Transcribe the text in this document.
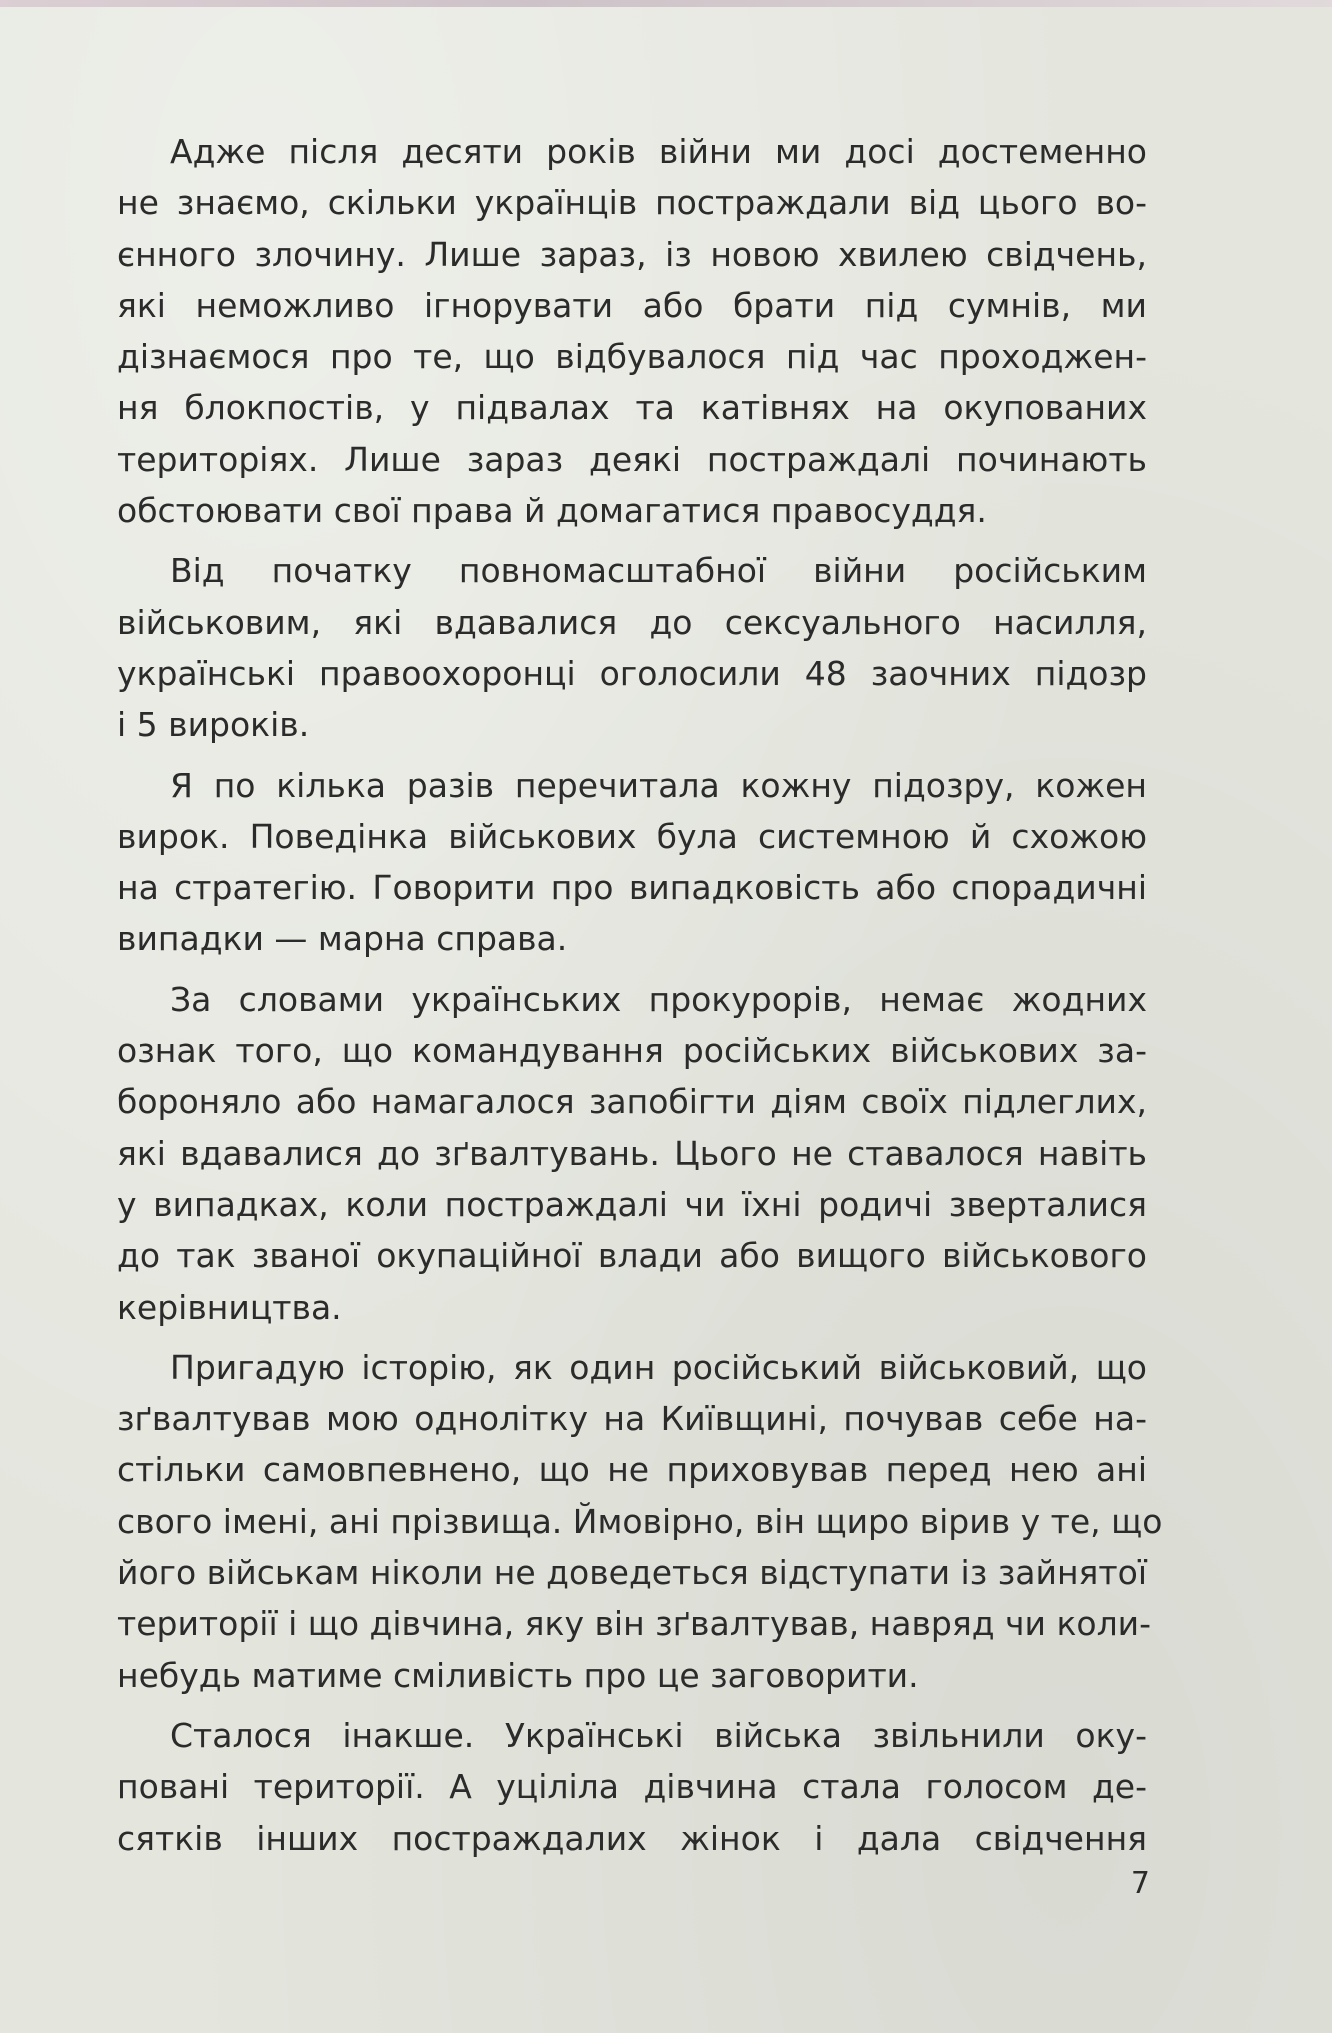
Адже після десяти років війни ми досі достеменно
не знаємо, скільки українців постраждали від цього во-
єнного злочину. Лише зараз, із новою хвилею свідчень,
які неможливо ігнорувати або брати під сумнів, ми
дізнаємося про те, що відбувалося під час проходжен-
ня блокпостів, у підвалах та катівнях на окупованих
територіях. Лише зараз деякі постраждалі починають
обстоювати свої права й домагатися правосуддя.
Від початку повномасштабної війни російським
військовим, які вдавалися до сексуального насилля,
українські правоохоронці оголосили 48 заочних підозр
і 5 вироків.
Я по кілька разів перечитала кожну підозру, кожен
вирок. Поведінка військових була системною й схожою
на стратегію. Говорити про випадковість або спорадичні
випадки — марна справа.
За словами українських прокурорів, немає жодних
ознак того, що командування російських військових за-
бороняло або намагалося запобігти діям своїх підлеглих,
які вдавалися до зґвалтувань. Цього не ставалося навіть
у випадках, коли постраждалі чи їхні родичі зверталися
до так званої окупаційної влади або вищого військового
керівництва.
Пригадую історію, як один російський військовий, що
зґвалтував мою однолітку на Київщині, почував себе на-
стільки самовпевнено, що не приховував перед нею ані
свого імені, ані прізвища. Ймовірно, він щиро вірив у те, що
його військам ніколи не доведеться відступати із зайнятої
території і що дівчина, яку він зґвалтував, навряд чи коли-
небудь матиме сміливість про це заговорити.
Сталося інакше. Українські війська звільнили оку-
повані території. А уціліла дівчина стала голосом де-
сятків інших постраждалих жінок і дала свідчення
7
